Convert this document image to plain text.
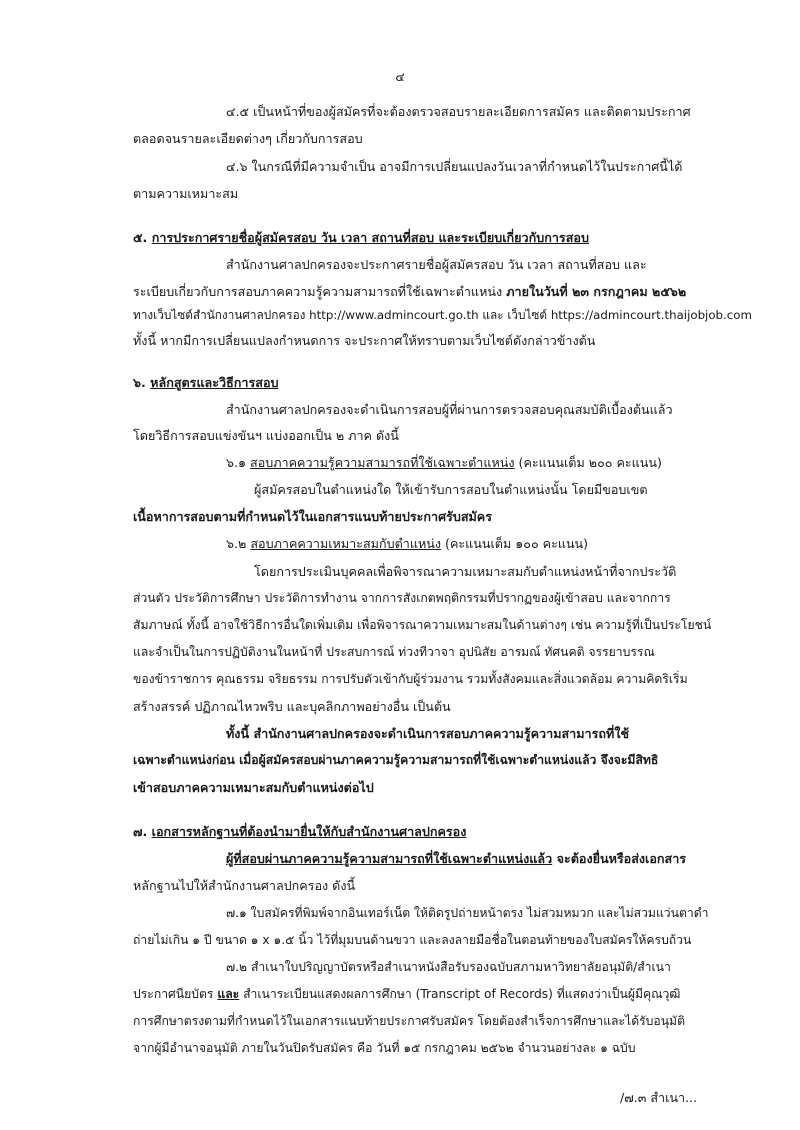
๔
๔.๕ เป็นหน้าที่ของผู้สมัครที่จะต้องตรวจสอบรายละเอียดการสมัคร และติดตามประกาศ
ตลอดจนรายละเอียดต่างๆ เกี่ยวกับการสอบ
๔.๖ ในกรณีที่มีความจำเป็น อาจมีการเปลี่ยนแปลงวันเวลาที่กำหนดไว้ในประกาศนี้ได้
ตามความเหมาะสม
๕. การประกาศรายชื่อผู้สมัครสอบ วัน เวลา สถานที่สอบ และระเบียบเกี่ยวกับการสอบ
สำนักงานศาลปกครองจะประกาศรายชื่อผู้สมัครสอบ วัน เวลา สถานที่สอบ และ
ระเบียบเกี่ยวกับการสอบภาคความรู้ความสามารถที่ใช้เฉพาะตำแหน่ง ภายในวันที่ ๒๓ กรกฎาคม ๒๕๖๒
ทางเว็บไซต์สำนักงานศาลปกครอง http://www.admincourt.go.th และ เว็บไซต์ https://admincourt.thaijobjob.com
ทั้งนี้ หากมีการเปลี่ยนแปลงกำหนดการ จะประกาศให้ทราบตามเว็บไซต์ดังกล่าวข้างต้น
๖. หลักสูตรและวิธีการสอบ
สำนักงานศาลปกครองจะดำเนินการสอบผู้ที่ผ่านการตรวจสอบคุณสมบัติเบื้องต้นแล้ว
โดยวิธีการสอบแข่งขันฯ แบ่งออกเป็น ๒ ภาค ดังนี้
๖.๑ สอบภาคความรู้ความสามารถที่ใช้เฉพาะตำแหน่ง (คะแนนเต็ม ๒๐๐ คะแนน)
ผู้สมัครสอบในตำแหน่งใด ให้เข้ารับการสอบในตำแหน่งนั้น โดยมีขอบเขต
เนื้อหาการสอบตามที่กำหนดไว้ในเอกสารแนบท้ายประกาศรับสมัคร
๖.๒ สอบภาคความเหมาะสมกับตำแหน่ง (คะแนนเต็ม ๑๐๐ คะแนน)
โดยการประเมินบุคคลเพื่อพิจารณาความเหมาะสมกับตำแหน่งหน้าที่จากประวัติ
ส่วนตัว ประวัติการศึกษา ประวัติการทำงาน จากการสังเกตพฤติกรรมที่ปรากฏของผู้เข้าสอบ และจากการ
สัมภาษณ์ ทั้งนี้ อาจใช้วิธีการอื่นใดเพิ่มเติม เพื่อพิจารณาความเหมาะสมในด้านต่างๆ เช่น ความรู้ที่เป็นประโยชน์
และจำเป็นในการปฏิบัติงานในหน้าที่ ประสบการณ์ ท่วงทีวาจา อุปนิสัย อารมณ์ ทัศนคติ จรรยาบรรณ
ของข้าราชการ คุณธรรม จริยธรรม การปรับตัวเข้ากับผู้ร่วมงาน รวมทั้งสังคมและสิ่งแวดล้อม ความคิดริเริ่ม
สร้างสรรค์ ปฏิภาณไหวพริบ และบุคลิกภาพอย่างอื่น เป็นต้น
ทั้งนี้ สำนักงานศาลปกครองจะดำเนินการสอบภาคความรู้ความสามารถที่ใช้
เฉพาะตำแหน่งก่อน เมื่อผู้สมัครสอบผ่านภาคความรู้ความสามารถที่ใช้เฉพาะตำแหน่งแล้ว จึงจะมีสิทธิ
เข้าสอบภาคความเหมาะสมกับตำแหน่งต่อไป
๗. เอกสารหลักฐานที่ต้องนำมายื่นให้กับสำนักงานศาลปกครอง
ผู้ที่สอบผ่านภาคความรู้ความสามารถที่ใช้เฉพาะตำแหน่งแล้ว จะต้องยื่นหรือส่งเอกสาร
หลักฐานไปให้สำนักงานศาลปกครอง ดังนี้
๗.๑ ใบสมัครที่พิมพ์จากอินเทอร์เน็ต ให้ติดรูปถ่ายหน้าตรง ไม่สวมหมวก และไม่สวมแว่นตาดำ
ถ่ายไม่เกิน ๑ ปี ขนาด ๑ x ๑.๕ นิ้ว ไว้ที่มุมบนด้านขวา และลงลายมือชื่อในตอนท้ายของใบสมัครให้ครบถ้วน
๗.๒ สำเนาใบปริญญาบัตรหรือสำเนาหนังสือรับรองฉบับสภามหาวิทยาลัยอนุมัติ/สำเนา
ประกาศนียบัตร และ สำเนาระเบียนแสดงผลการศึกษา (Transcript of Records) ที่แสดงว่าเป็นผู้มีคุณวุฒิ
การศึกษาตรงตามที่กำหนดไว้ในเอกสารแนบท้ายประกาศรับสมัคร โดยต้องสำเร็จการศึกษาและได้รับอนุมัติ
จากผู้มีอำนาจอนุมัติ ภายในวันปิดรับสมัคร คือ วันที่ ๑๕ กรกฎาคม ๒๕๖๒ จำนวนอย่างละ ๑ ฉบับ
/๗.๓ สำเนา...
